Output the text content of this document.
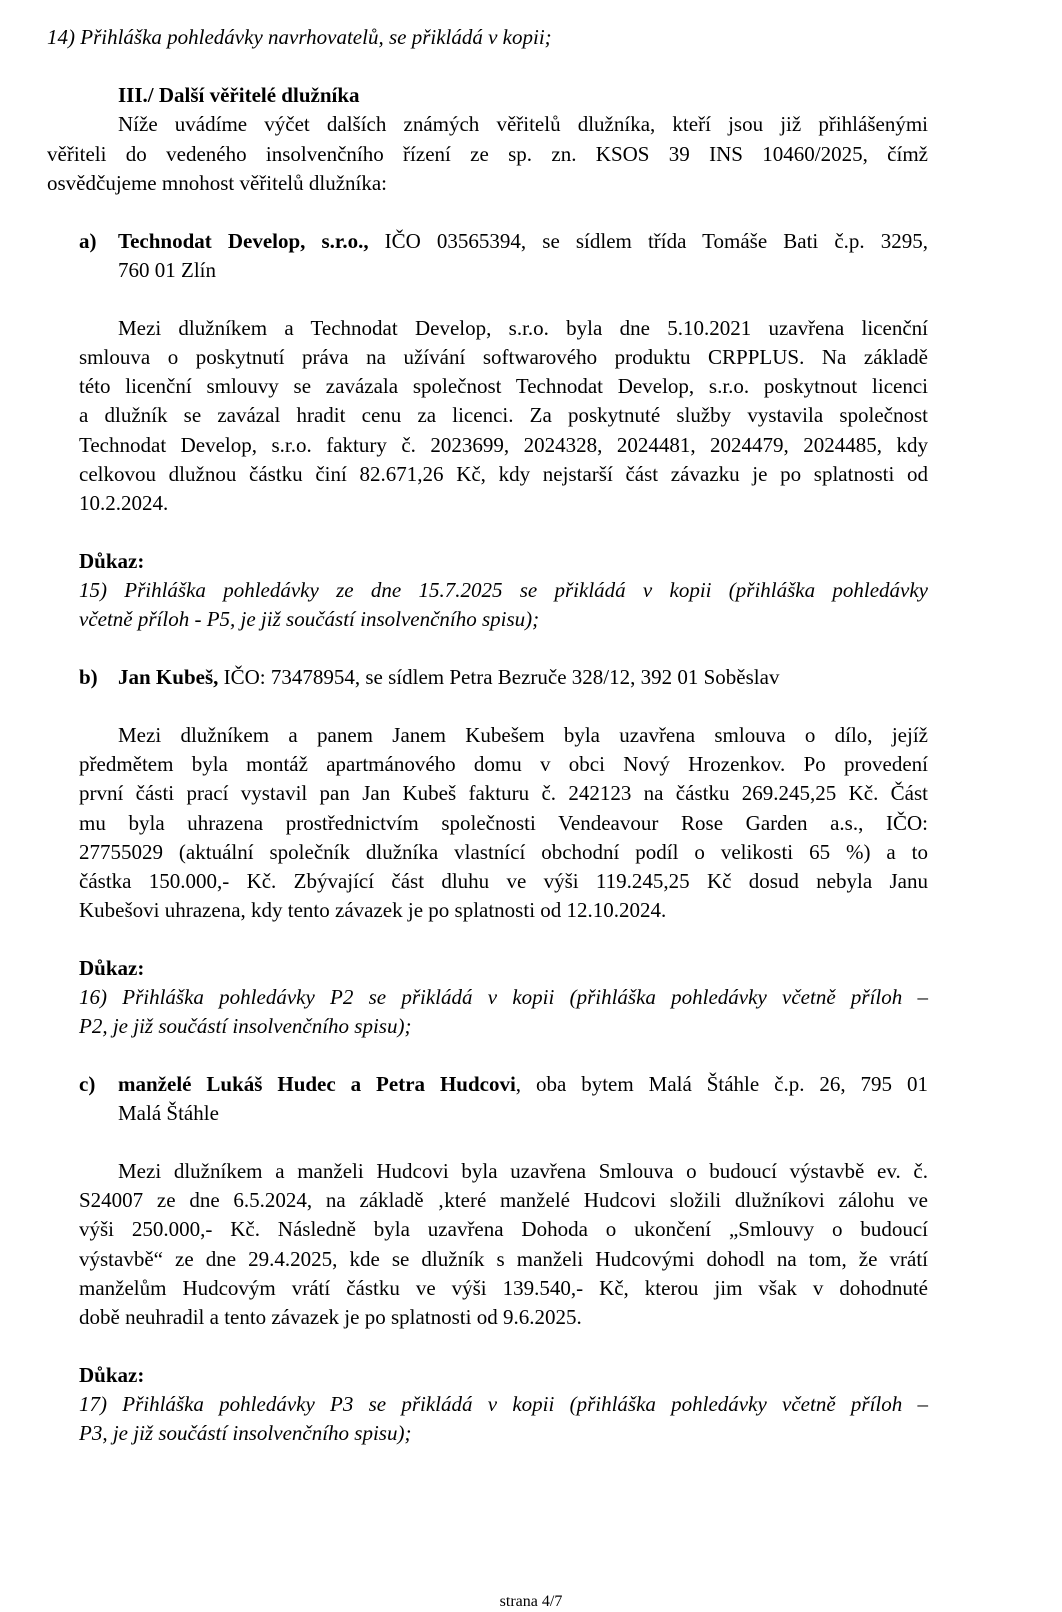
14) Přihláška pohledávky navrhovatelů, se přikládá v kopii;
III./ Další věřitelé dlužníka
Níže uvádíme výčet dalších známých věřitelů dlužníka, kteří jsou již přihlášenými
věřiteli do vedeného insolvenčního řízení ze sp. zn. KSOS 39 INS 10460/2025, čímž
osvědčujeme mnohost věřitelů dlužníka:
a) Technodat Develop, s.r.o., IČO 03565394, se sídlem třída Tomáše Bati č.p. 3295,
760 01 Zlín
Mezi dlužníkem a Technodat Develop, s.r.o. byla dne 5.10.2021 uzavřena licenční
smlouva o poskytnutí práva na užívání softwarového produktu CRPPLUS. Na základě
této licenční smlouvy se zavázala společnost Technodat Develop, s.r.o. poskytnout licenci
a dlužník se zavázal hradit cenu za licenci. Za poskytnuté služby vystavila společnost
Technodat Develop, s.r.o. faktury č. 2023699, 2024328, 2024481, 2024479, 2024485, kdy
celkovou dlužnou částku činí 82.671,26 Kč, kdy nejstarší část závazku je po splatnosti od
10.2.2024.
Důkaz:
15) Přihláška pohledávky ze dne 15.7.2025 se přikládá v kopii (přihláška pohledávky
včetně příloh - P5, je již součástí insolvenčního spisu);
b) Jan Kubeš, IČO: 73478954, se sídlem Petra Bezruče 328/12, 392 01 Soběslav
Mezi dlužníkem a panem Janem Kubešem byla uzavřena smlouva o dílo, jejíž
předmětem byla montáž apartmánového domu v obci Nový Hrozenkov. Po provedení
první části prací vystavil pan Jan Kubeš fakturu č. 242123 na částku 269.245,25 Kč. Část
mu byla uhrazena prostřednictvím společnosti Vendeavour Rose Garden a.s., IČO:
27755029 (aktuální společník dlužníka vlastnící obchodní podíl o velikosti 65 %) a to
částka 150.000,- Kč. Zbývající část dluhu ve výši 119.245,25 Kč dosud nebyla Janu
Kubešovi uhrazena, kdy tento závazek je po splatnosti od 12.10.2024.
Důkaz:
16) Přihláška pohledávky P2 se přikládá v kopii (přihláška pohledávky včetně příloh –
P2, je již součástí insolvenčního spisu);
c) manželé Lukáš Hudec a Petra Hudcovi, oba bytem Malá Štáhle č.p. 26, 795 01
Malá Štáhle
Mezi dlužníkem a manželi Hudcovi byla uzavřena Smlouva o budoucí výstavbě ev. č.
S24007 ze dne 6.5.2024, na základě ‚které manželé Hudcovi složili dlužníkovi zálohu ve
výši 250.000,- Kč. Následně byla uzavřena Dohoda o ukončení „Smlouvy o budoucí
výstavbě“ ze dne 29.4.2025, kde se dlužník s manželi Hudcovými dohodl na tom, že vrátí
manželům Hudcovým vrátí částku ve výši 139.540,- Kč, kterou jim však v dohodnuté
době neuhradil a tento závazek je po splatnosti od 9.6.2025.
Důkaz:
17) Přihláška pohledávky P3 se přikládá v kopii (přihláška pohledávky včetně příloh –
P3, je již součástí insolvenčního spisu);
strana 4/7
